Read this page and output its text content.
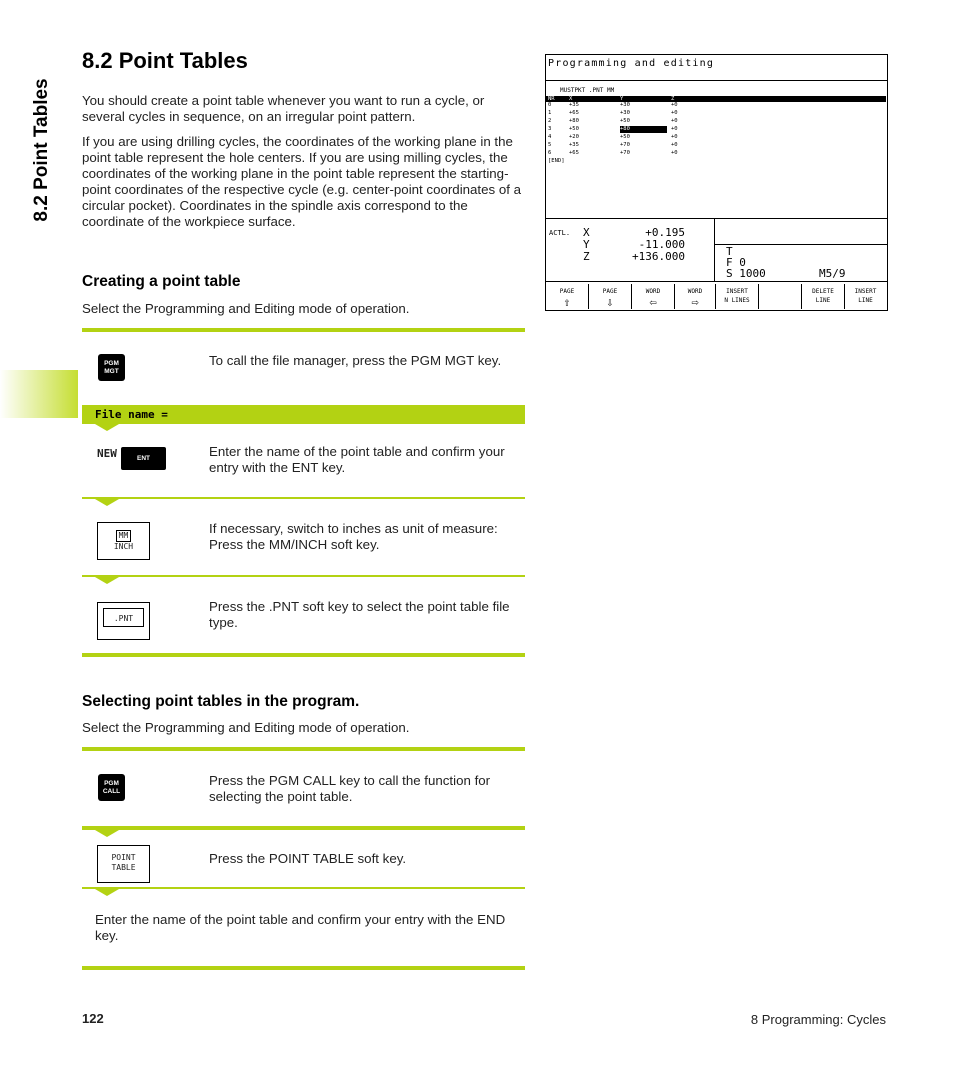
8.2 Point Tables
8.2 Point Tables

You should create a point table whenever you want to run a cycle, or several cycles in sequence, on an irregular point pattern.

If you are using drilling cycles, the coordinates of the working plane in the point table represent the hole centers. If you are using milling cycles, the coordinates of the working plane in the point table represent the starting-point coordinates of the respective cycle (e.g. center-point coordinates of a circular pocket). Coordinates in the spindle axis correspond to the coordinate of the workpiece surface.

Creating a point table

Select the Programming and Editing mode of operation.

PGM
MGT

To call the file manager, press the PGM MGT key.

File name =
NEW	ENT	Enter the name of the point table and confirm your entry with the ENT key.

MM
INCH

If necessary, switch to inches as unit of measure: Press the MM/INCH soft key.

.PNT

Press the .PNT soft key to select the point table file type.

Selecting point tables in the program.

Select the Programming and Editing mode of operation.

PGM
CALL

Press the PGM CALL key to call the function for selecting the point table.

POINT
TABLE

Press the POINT TABLE soft key.

Enter the name of the point table and confirm your entry with the END key.

122	8 Programming: Cycles
Programming and editing
MUSTPKT .PNT MM
NR	X	Y	Z
0	+35	+30	+0
1	+65	+30	+0
2	+80	+50	+0
3	+50	+80	+0
4	+20	+50	+0
5	+35	+70	+0
6	+65	+70	+0
[END]
ACTL. X	+0.195
Y	-11.000
Z	+136.000	T
F 0
S 1000	M5/9
PAGE
⇧
PAGE
⇩
WORD
⇦
WORD
⇨
INSERT
N LINES
DELETE
LINE
INSERT
LINE
